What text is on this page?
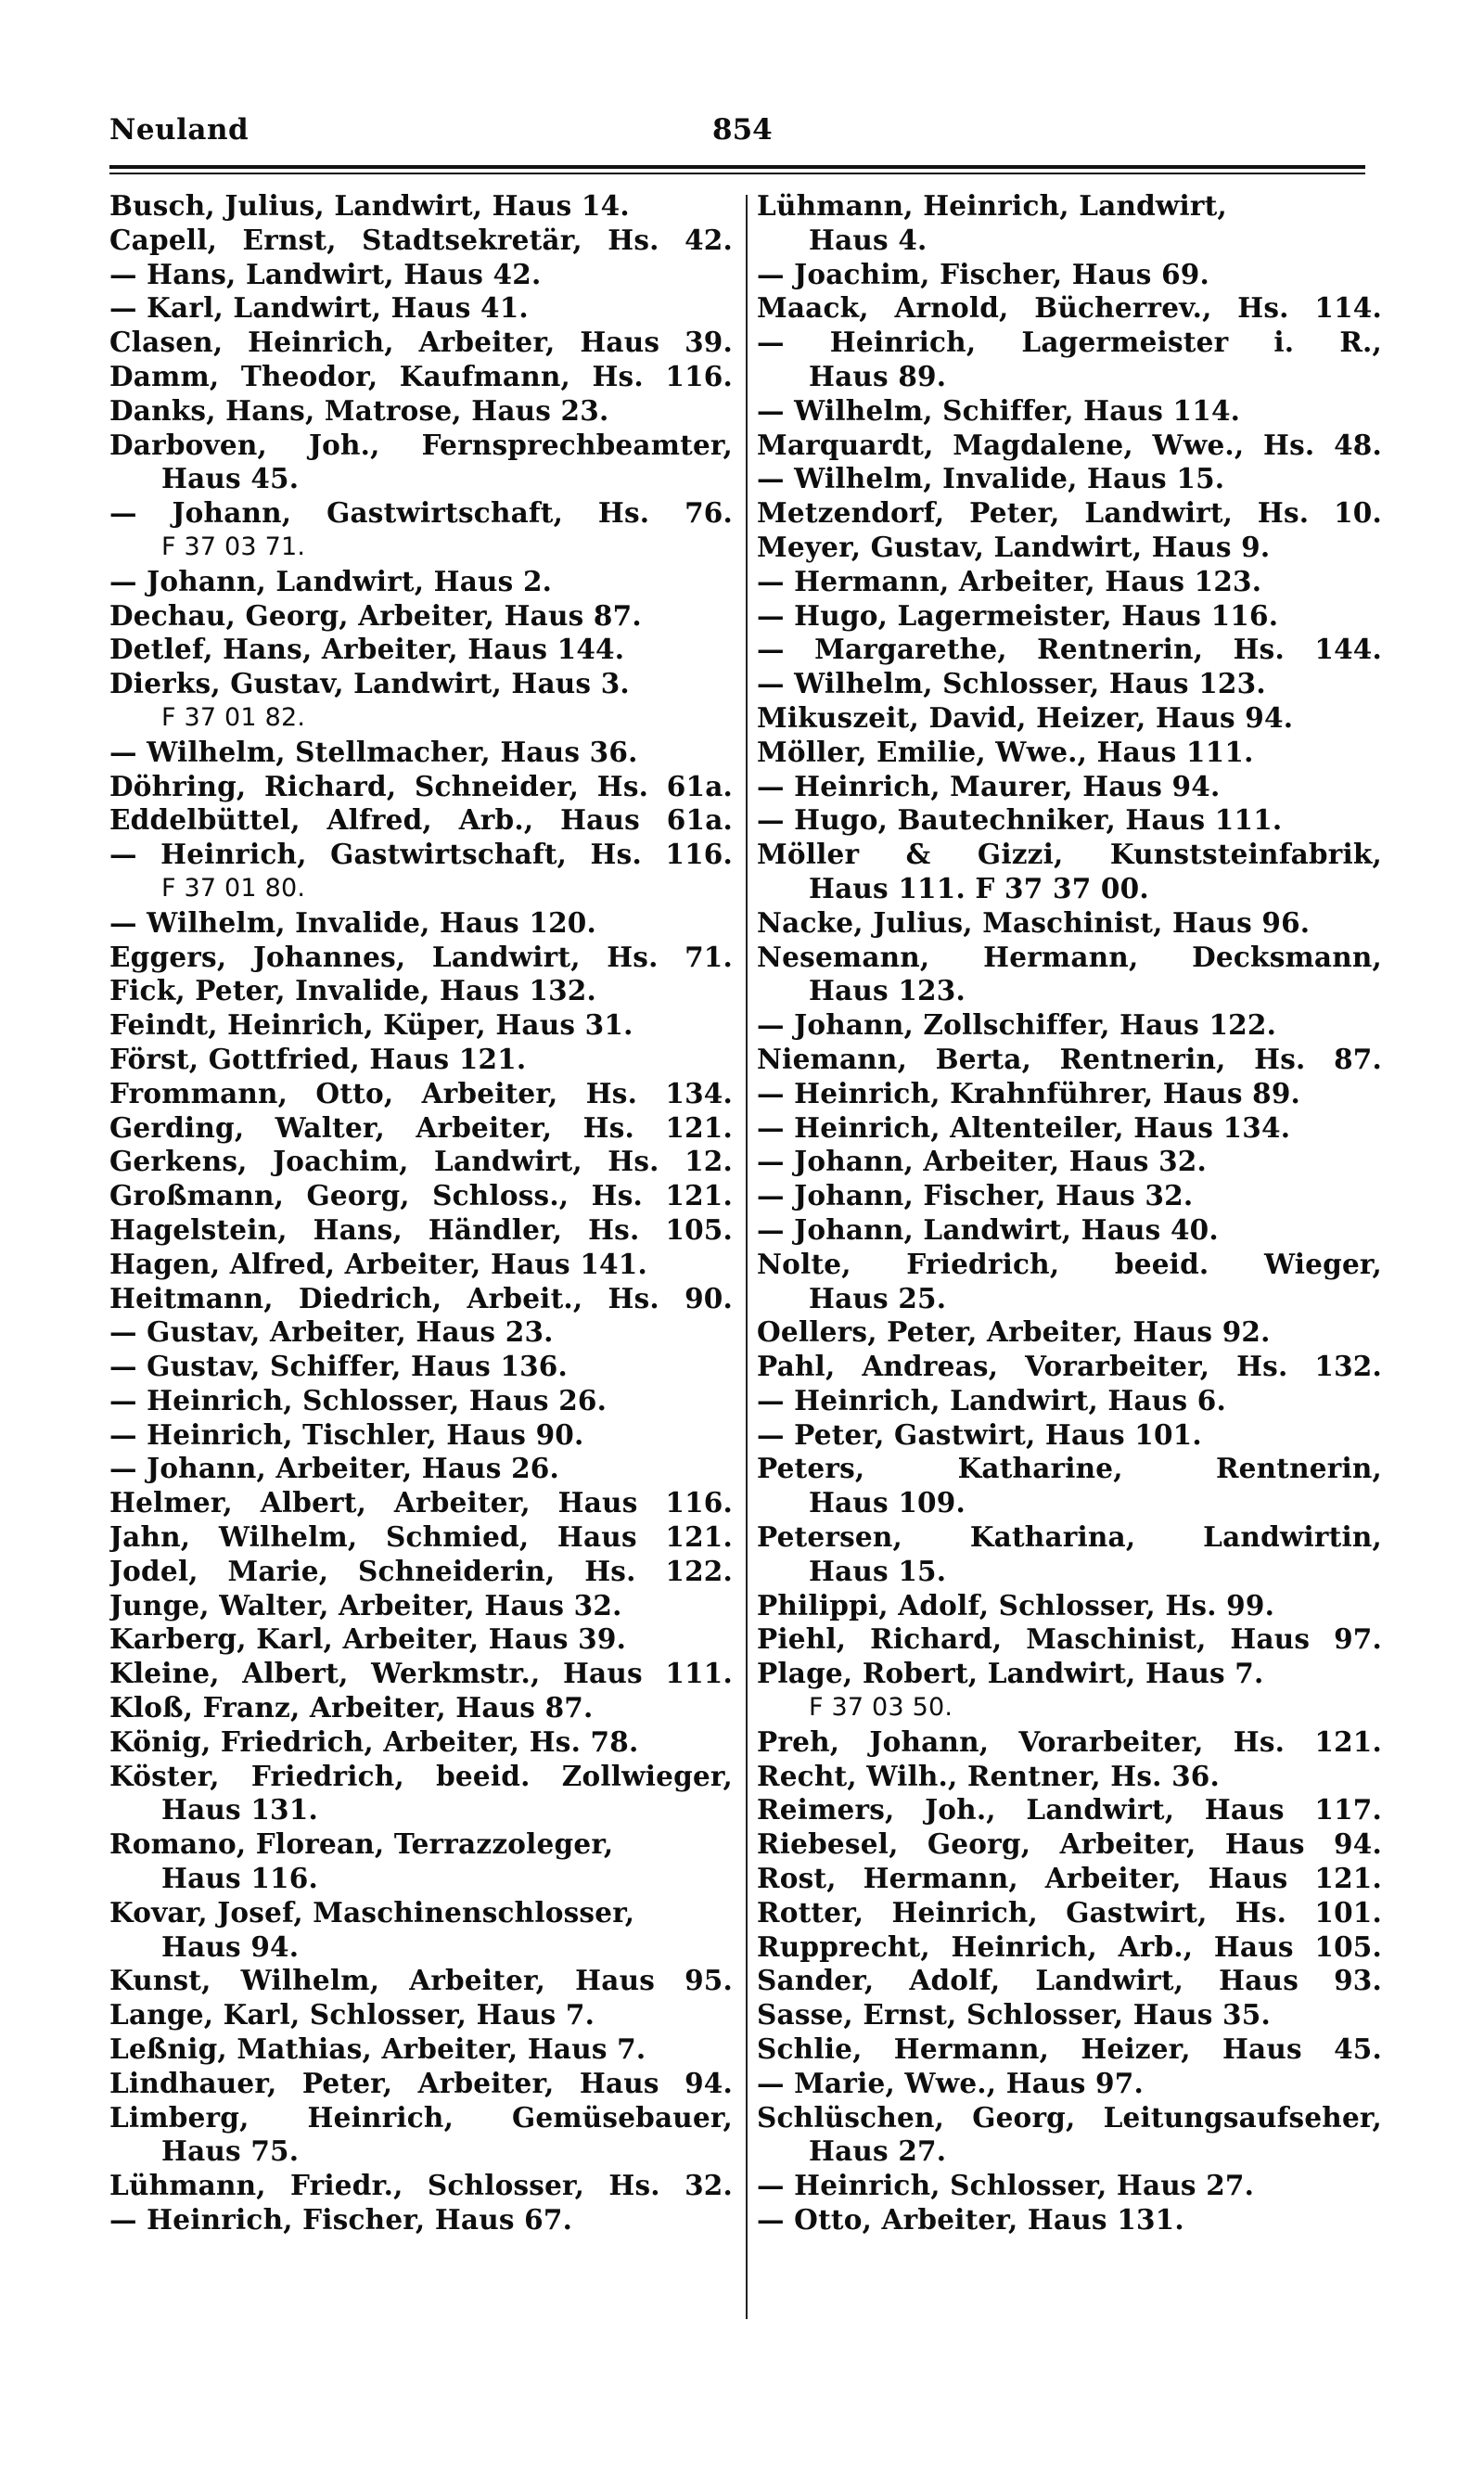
Neuland	854
Busch, Julius, Landwirt, Haus 14.
Capell, Ernst, Stadtsekretär, Hs. 42.
— Hans, Landwirt, Haus 42.
— Karl, Landwirt, Haus 41.
Clasen, Heinrich, Arbeiter, Haus 39.
Damm, Theodor, Kaufmann, Hs. 116.
Danks, Hans, Matrose, Haus 23.
Darboven, Joh., Fernsprechbeamter,
Haus 45.
— Johann, Gastwirtschaft, Hs. 76.
F 37 03 71.
— Johann, Landwirt, Haus 2.
Dechau, Georg, Arbeiter, Haus 87.
Detlef, Hans, Arbeiter, Haus 144.
Dierks, Gustav, Landwirt, Haus 3.
F 37 01 82.
— Wilhelm, Stellmacher, Haus 36.
Döhring, Richard, Schneider, Hs. 61a.
Eddelbüttel, Alfred, Arb., Haus 61a.
— Heinrich, Gastwirtschaft, Hs. 116.
F 37 01 80.
— Wilhelm, Invalide, Haus 120.
Eggers, Johannes, Landwirt, Hs. 71.
Fick, Peter, Invalide, Haus 132.
Feindt, Heinrich, Küper, Haus 31.
Först, Gottfried, Haus 121.
Frommann, Otto, Arbeiter, Hs. 134.
Gerding, Walter, Arbeiter, Hs. 121.
Gerkens, Joachim, Landwirt, Hs. 12.
Großmann, Georg, Schloss., Hs. 121.
Hagelstein, Hans, Händler, Hs. 105.
Hagen, Alfred, Arbeiter, Haus 141.
Heitmann, Diedrich, Arbeit., Hs. 90.
— Gustav, Arbeiter, Haus 23.
— Gustav, Schiffer, Haus 136.
— Heinrich, Schlosser, Haus 26.
— Heinrich, Tischler, Haus 90.
— Johann, Arbeiter, Haus 26.
Helmer, Albert, Arbeiter, Haus 116.
Jahn, Wilhelm, Schmied, Haus 121.
Jodel, Marie, Schneiderin, Hs. 122.
Junge, Walter, Arbeiter, Haus 32.
Karberg, Karl, Arbeiter, Haus 39.
Kleine, Albert, Werkmstr., Haus 111.
Kloß, Franz, Arbeiter, Haus 87.
König, Friedrich, Arbeiter, Hs. 78.
Köster, Friedrich, beeid. Zollwieger,
Haus 131.
Romano, Florean, Terrazzoleger,
Haus 116.
Kovar, Josef, Maschinenschlosser,
Haus 94.
Kunst, Wilhelm, Arbeiter, Haus 95.
Lange, Karl, Schlosser, Haus 7.
Leßnig, Mathias, Arbeiter, Haus 7.
Lindhauer, Peter, Arbeiter, Haus 94.
Limberg, Heinrich, Gemüsebauer,
Haus 75.
Lühmann, Friedr., Schlosser, Hs. 32.
— Heinrich, Fischer, Haus 67.
Lühmann, Heinrich, Landwirt,
Haus 4.
— Joachim, Fischer, Haus 69.
Maack, Arnold, Bücherrev., Hs. 114.
— Heinrich, Lagermeister i. R.,
Haus 89.
— Wilhelm, Schiffer, Haus 114.
Marquardt, Magdalene, Wwe., Hs. 48.
— Wilhelm, Invalide, Haus 15.
Metzendorf, Peter, Landwirt, Hs. 10.
Meyer, Gustav, Landwirt, Haus 9.
— Hermann, Arbeiter, Haus 123.
— Hugo, Lagermeister, Haus 116.
— Margarethe, Rentnerin, Hs. 144.
— Wilhelm, Schlosser, Haus 123.
Mikuszeit, David, Heizer, Haus 94.
Möller, Emilie, Wwe., Haus 111.
— Heinrich, Maurer, Haus 94.
— Hugo, Bautechniker, Haus 111.
Möller & Gizzi, Kunststeinfabrik,
Haus 111. F 37 37 00.
Nacke, Julius, Maschinist, Haus 96.
Nesemann, Hermann, Decksmann,
Haus 123.
— Johann, Zollschiffer, Haus 122.
Niemann, Berta, Rentnerin, Hs. 87.
— Heinrich, Krahnführer, Haus 89.
— Heinrich, Altenteiler, Haus 134.
— Johann, Arbeiter, Haus 32.
— Johann, Fischer, Haus 32.
— Johann, Landwirt, Haus 40.
Nolte, Friedrich, beeid. Wieger,
Haus 25.
Oellers, Peter, Arbeiter, Haus 92.
Pahl, Andreas, Vorarbeiter, Hs. 132.
— Heinrich, Landwirt, Haus 6.
— Peter, Gastwirt, Haus 101.
Peters, Katharine, Rentnerin,
Haus 109.
Petersen, Katharina, Landwirtin,
Haus 15.
Philippi, Adolf, Schlosser, Hs. 99.
Piehl, Richard, Maschinist, Haus 97.
Plage, Robert, Landwirt, Haus 7.
F 37 03 50.
Preh, Johann, Vorarbeiter, Hs. 121.
Recht, Wilh., Rentner, Hs. 36.
Reimers, Joh., Landwirt, Haus 117.
Riebesel, Georg, Arbeiter, Haus 94.
Rost, Hermann, Arbeiter, Haus 121.
Rotter, Heinrich, Gastwirt, Hs. 101.
Rupprecht, Heinrich, Arb., Haus 105.
Sander, Adolf, Landwirt, Haus 93.
Sasse, Ernst, Schlosser, Haus 35.
Schlie, Hermann, Heizer, Haus 45.
— Marie, Wwe., Haus 97.
Schlüschen, Georg, Leitungsaufseher,
Haus 27.
— Heinrich, Schlosser, Haus 27.
— Otto, Arbeiter, Haus 131.
